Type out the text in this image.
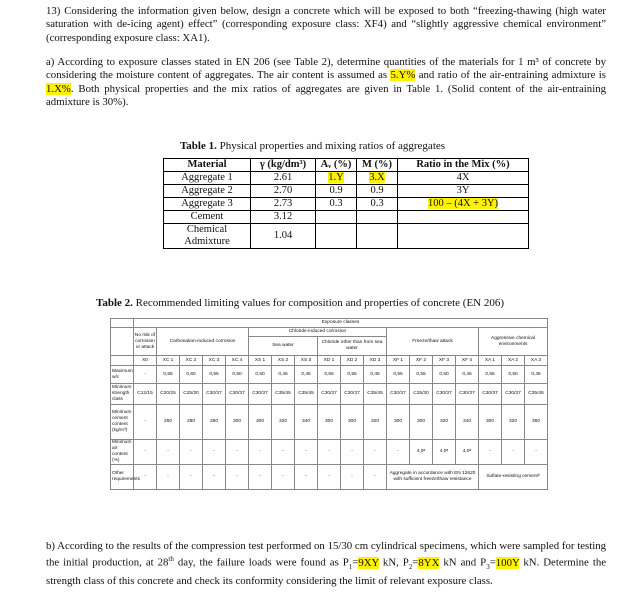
13) Considering the information given below, design a concrete which will be exposed to both “freezing-thawing (high water saturation with de-icing agent) effect” (corresponding exposure class: XF4) and “slightly aggressive chemical environment” (corresponding exposure class: XA1).

a) According to exposure classes stated in EN 206 (see Table 2), determine quantities of the materials for 1 m³ of concrete by considering the moisture content of aggregates. The air content is assumed as 5.Y% and ratio of the air-entraining admixture is 1.X%. Both physical properties and the mix ratios of aggregates are given in Table 1. (Solid content of the air-entraining admixture is 30%).

Table 1. Physical properties and mixing ratios of aggregates
Material	γ (kg/dm³)	Aᵥ (%)	M (%)	Ratio in the Mix (%)
Aggregate 1	2.61	1.Y	3.X	4X
Aggregate 2	2.70	0.9	0.9	3Y
Aggregate 3	2.73	0.3	0.3	100 – (4X + 3Y)
Cement	3.12			
Chemical Admixture	1.04			
Table 2. Recommended limiting values for composition and properties of concrete (EN 206)
	Exposure classes																	
	No risk of corrosion or attack	Carbonation-induced corrosion				Chloride-induced corrosion						Freeze/thaw attack				Aggressive chemical environments		
						Sea water			Chloride other than from sea water									
	X0	XC 1	XC 2	XC 3	XC 4	XS 1	XS 2	XS 3	XD 1	XD 2	XD 3	XF 1	XF 2	XF 3	XF 4	XA 1	XA 2	XA 3
Maximum w/c	-	0,65	0,60	0,55	0,50	0,50	0,45	0,45	0,55	0,55	0,45	0,55	0,55	0,50	0,45	0,55	0,50	0,45
Minimum strength class	C12/15	C20/25	C25/30	C30/37	C30/37	C30/37	C35/45	C35/45	C30/37	C30/37	C35/45	C30/37	C25/30	C30/37	C30/37	C30/37	C30/37	C35/45
Minimum cement content (kg/m³)	-	260	280	280	300	300	320	340	300	300	320	300	300	320	340	300	320	360
Minimum air content (%)	-	-	-	-	-	-	-	-	-	-	-	-	4,0ᵃ	4,0ᵃ	4,0ᵃ	-	-	-
Other requirements	-	-	-	-	-	-	-	-	-	-	-	Aggregate in accordance with EN 12620 with sufficient freeze/thaw resistance				Sulfate-resisting cementᵇ		

b) According to the results of the compression test performed on 15/30 cm cylindrical specimens, which were sampled for testing the initial production, at 28th day, the failure loads were found as $P_1=9XY$ kN, $P_2=8YX$ kN and $P_3=100Y$ kN. Determine the strength class of this concrete and check its conformity considering the limit of relevant exposure class.
